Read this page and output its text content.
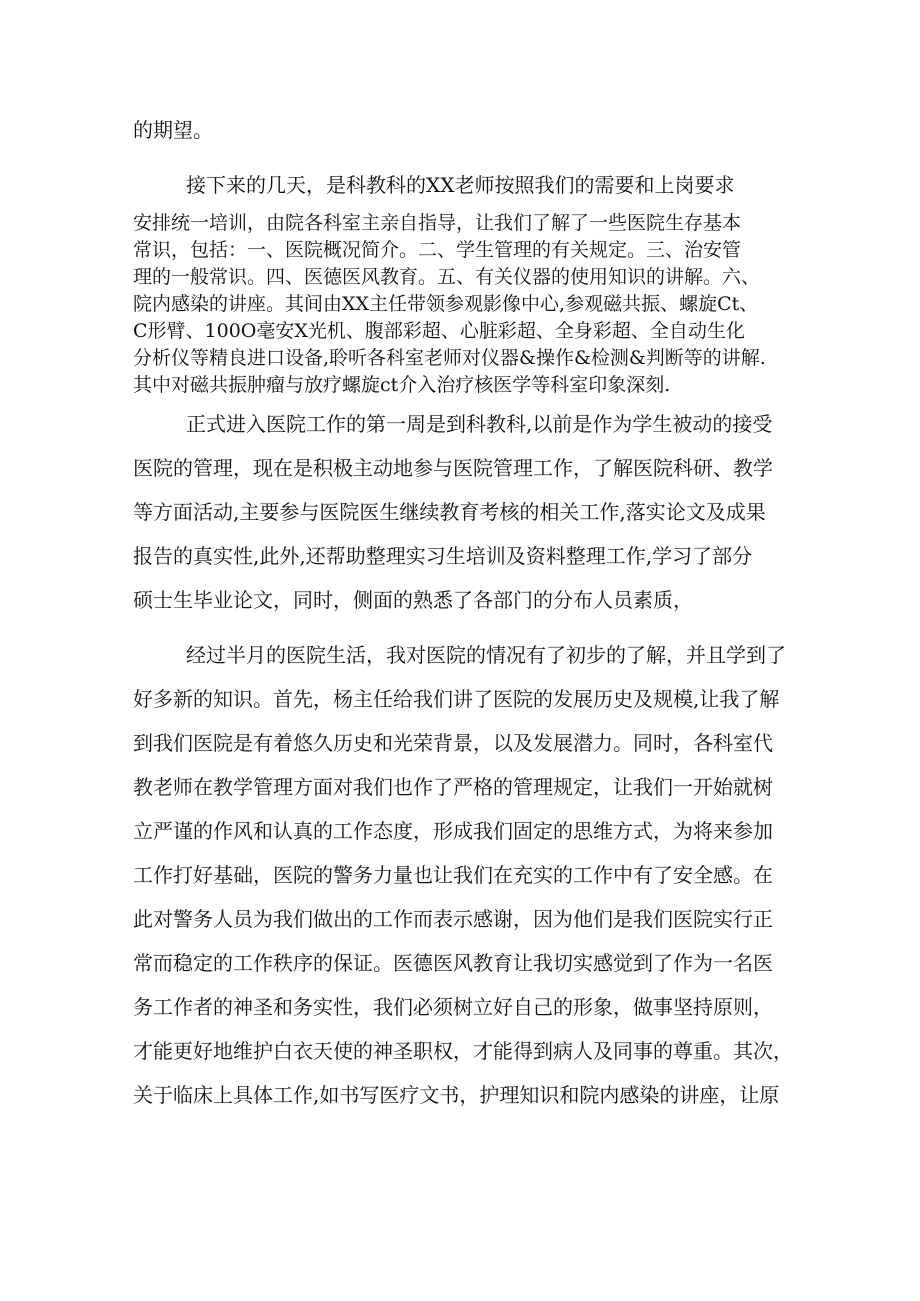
的期望。
接下来的几天，是科教科的XX老师按照我们的需要和上岗要求
安排统一培训，由院各科室主亲自指导，让我们了解了一些医院生存基本
常识，包括：一、医院概况简介。二、学生管理的有关规定。三、治安管
理的一般常识。四、医德医风教育。五、有关仪器的使用知识的讲解。六、
院内感染的讲座。其间由XX主任带领参观影像中心,参观磁共振、螺旋Ct、
C形臂、100O毫安X光机、腹部彩超、心脏彩超、全身彩超、全自动生化
分析仪等精良进口设备,聆听各科室老师对仪器&操作&检测&判断等的讲解.
其中对磁共振肿瘤与放疗螺旋ct介入治疗核医学等科室印象深刻.
正式进入医院工作的第一周是到科教科,以前是作为学生被动的接受
医院的管理，现在是积极主动地参与医院管理工作，了解医院科研、教学
等方面活动,主要参与医院医生继续教育考核的相关工作,落实论文及成果
报告的真实性,此外,还帮助整理实习生培训及资料整理工作,学习了部分
硕士生毕业论文，同时，侧面的熟悉了各部门的分布人员素质，
经过半月的医院生活，我对医院的情况有了初步的了解，并且学到了
好多新的知识。首先，杨主任给我们讲了医院的发展历史及规模,让我了解
到我们医院是有着悠久历史和光荣背景，以及发展潜力。同时，各科室代
教老师在教学管理方面对我们也作了严格的管理规定，让我们一开始就树
立严谨的作风和认真的工作态度，形成我们固定的思维方式，为将来参加
工作打好基础，医院的警务力量也让我们在充实的工作中有了安全感。在
此对警务人员为我们做出的工作而表示感谢，因为他们是我们医院实行正
常而稳定的工作秩序的保证。医德医风教育让我切实感觉到了作为一名医
务工作者的神圣和务实性，我们必须树立好自己的形象，做事坚持原则，
才能更好地维护白衣天使的神圣职权，才能得到病人及同事的尊重。其次，
关于临床上具体工作,如书写医疗文书，护理知识和院内感染的讲座，让原
